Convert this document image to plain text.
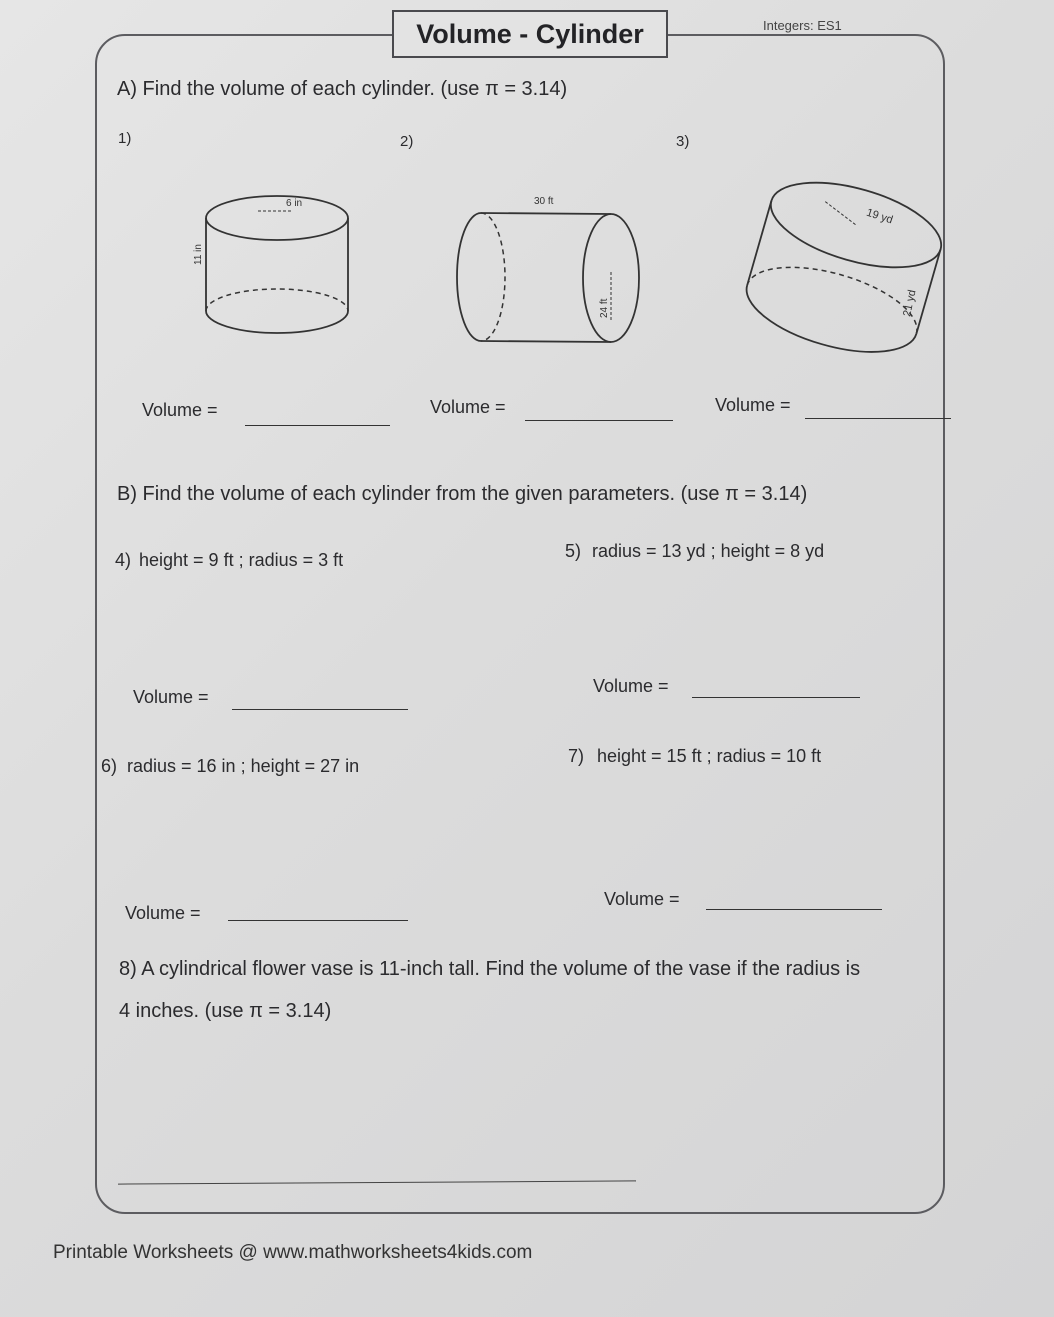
Volume - Cylinder	Integers: ES1
A) Find the volume of each cylinder. (use π = 3.14)
1)	2)	3)
6 in
11 in
30 ft
24 ft
19 yd
21 yd
Volume =	Volume =	Volume =
B) Find the volume of each cylinder from the given parameters. (use π = 3.14)
4) height = 9 ft ; radius = 3 ft	5) radius = 13 yd ; height = 8 yd
Volume =
Volume =
6) radius = 16 in ; height = 27 in	7) height = 15 ft ; radius = 10 ft
Volume =
Volume =
8) A cylindrical flower vase is 11-inch tall. Find the volume of the vase if the radius is
4 inches. (use π = 3.14)
Printable Worksheets @ www.mathworksheets4kids.com
